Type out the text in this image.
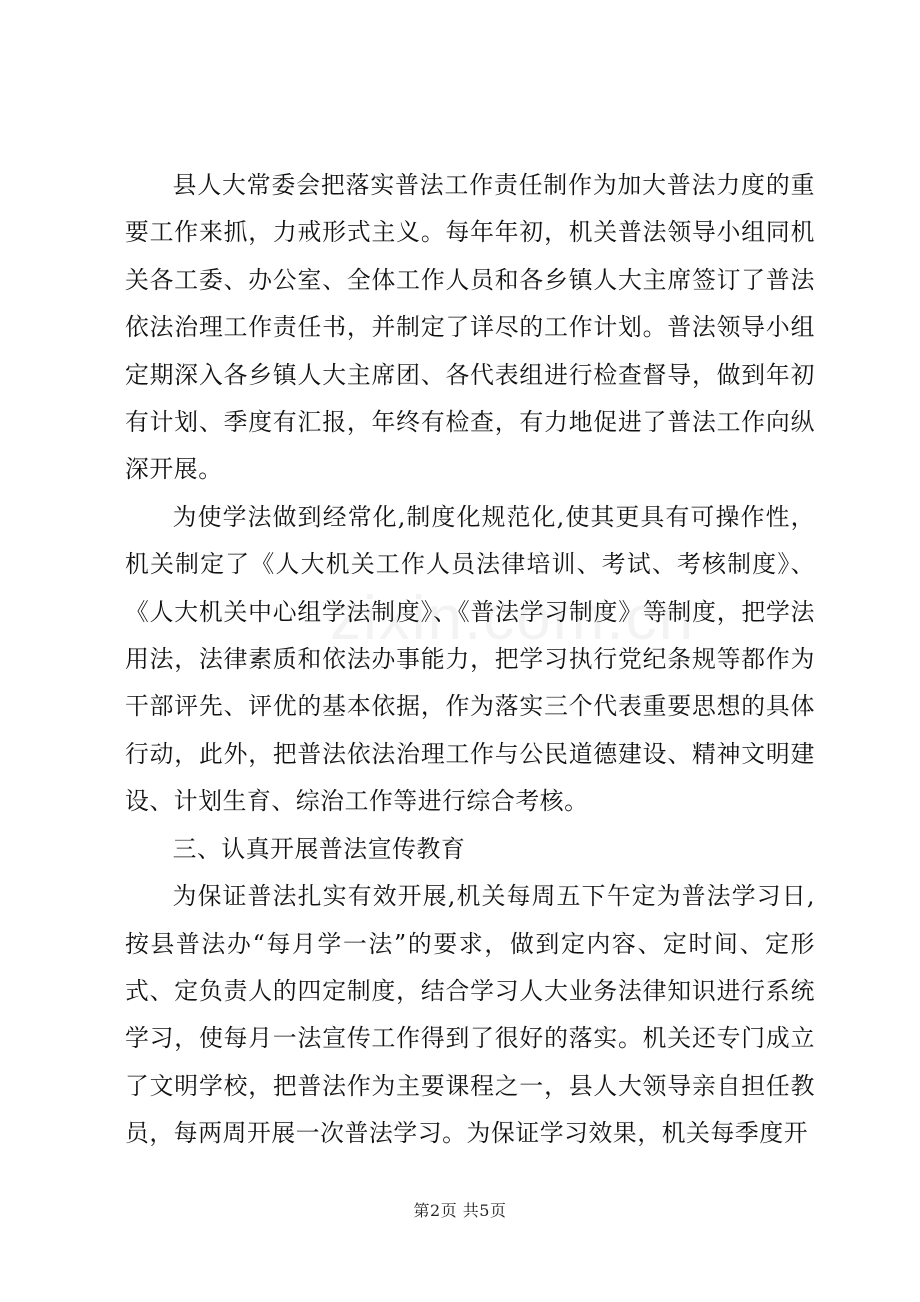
县人大常委会把落实普法工作责任制作为加大普法力度的重要工作来抓，力戒形式主义。每年年初，机关普法领导小组同机关各工委、办公室、全体工作人员和各乡镇人大主席签订了普法依法治理工作责任书，并制定了详尽的工作计划。普法领导小组定期深入各乡镇人大主席团、各代表组进行检查督导，做到年初有计划、季度有汇报，年终有检查，有力地促进了普法工作向纵深开展。

为使学法做到经常化,制度化规范化,使其更具有可操作性，机关制定了《人大机关工作人员法律培训、考试、考核制度》、《人大机关中心组学法制度》、《普法学习制度》等制度，把学法用法，法律素质和依法办事能力，把学习执行党纪条规等都作为干部评先、评优的基本依据，作为落实三个代表重要思想的具体行动，此外，把普法依法治理工作与公民道德建设、精神文明建设、计划生育、综治工作等进行综合考核。

三、认真开展普法宣传教育

为保证普法扎实有效开展,机关每周五下午定为普法学习日,按县普法办“每月学一法”的要求，做到定内容、定时间、定形式、定负责人的四定制度，结合学习人大业务法律知识进行系统学习，使每月一法宣传工作得到了很好的落实。机关还专门成立了文明学校，把普法作为主要课程之一，县人大领导亲自担任教员，每两周开展一次普法学习。为保证学习效果，机关每季度开

第2页 共5页
